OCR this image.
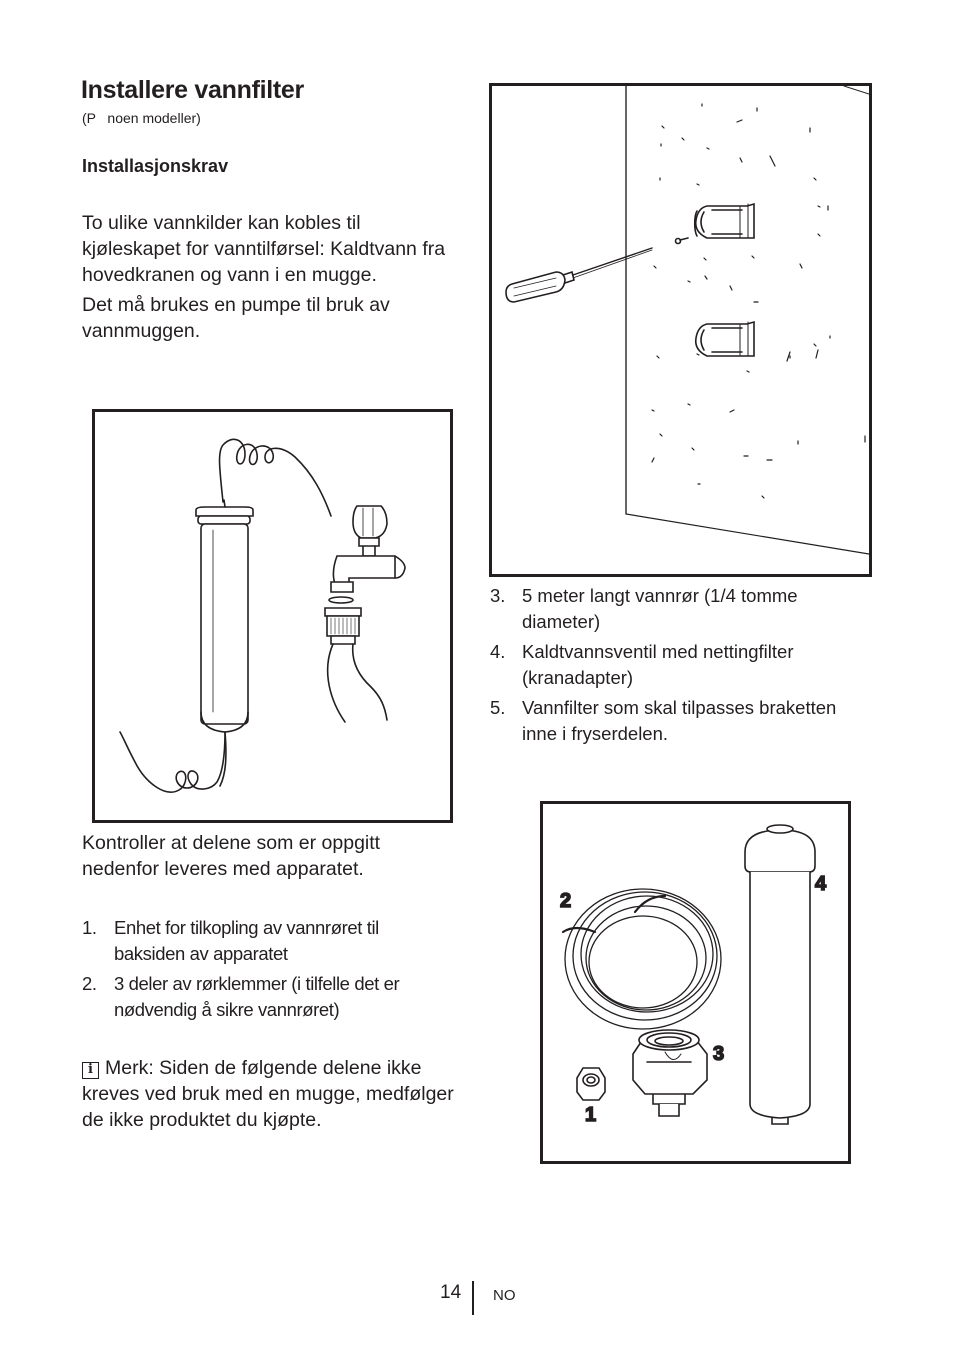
Installere vannfilter
(P   noen modeller)
Installasjonskrav
To ulike vannkilder kan kobles til kjøleskapet for vanntilførsel: Kaldtvann fra hovedkranen og vann i en mugge.
Det må brukes en pumpe til bruk av vannmuggen.
Kontroller at delene som er oppgitt nedenfor leveres med apparatet.
1. Enhet for tilkopling av vannrøret til baksiden av apparatet
2. 3 deler av rørklemmer (i tilfelle det er nødvendig å sikre vannrøret)
i Merk: Siden de følgende delene ikke kreves ved bruk med en mugge, medfølger de ikke produktet du kjøpte.
3. 5 meter langt vannrør (1/4 tomme diameter)
4. Kaldtvannsventil med nettingfilter (kranadapter)
5. Vannfilter som skal tilpasses braketten inne i fryserdelen.
2
4
3
1
14 NO
